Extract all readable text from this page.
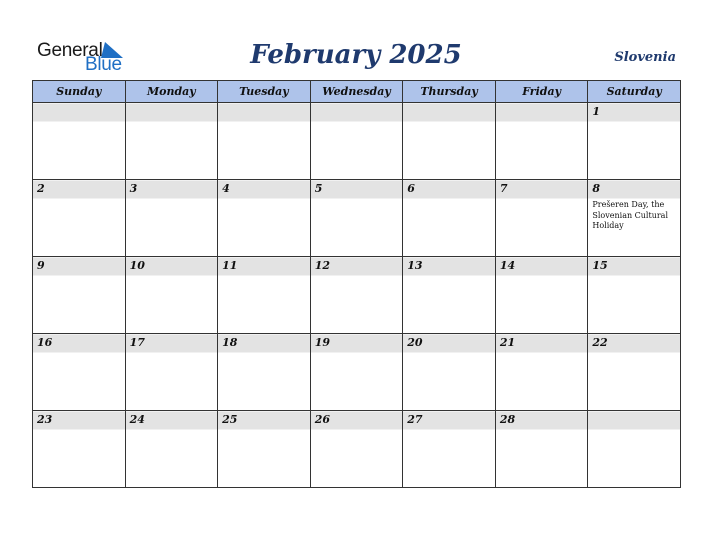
General
Blue	February 2025	Slovenia
Sunday	Monday	Tuesday	Wednesday	Thursday	Friday	Saturday

						1

2	3	4	5	6	7	8
Prešeren Day, the Slovenian Cultural Holiday

9	10	11	12	13	14	15

16	17	18	19	20	21	22

23	24	25	26	27	28	
